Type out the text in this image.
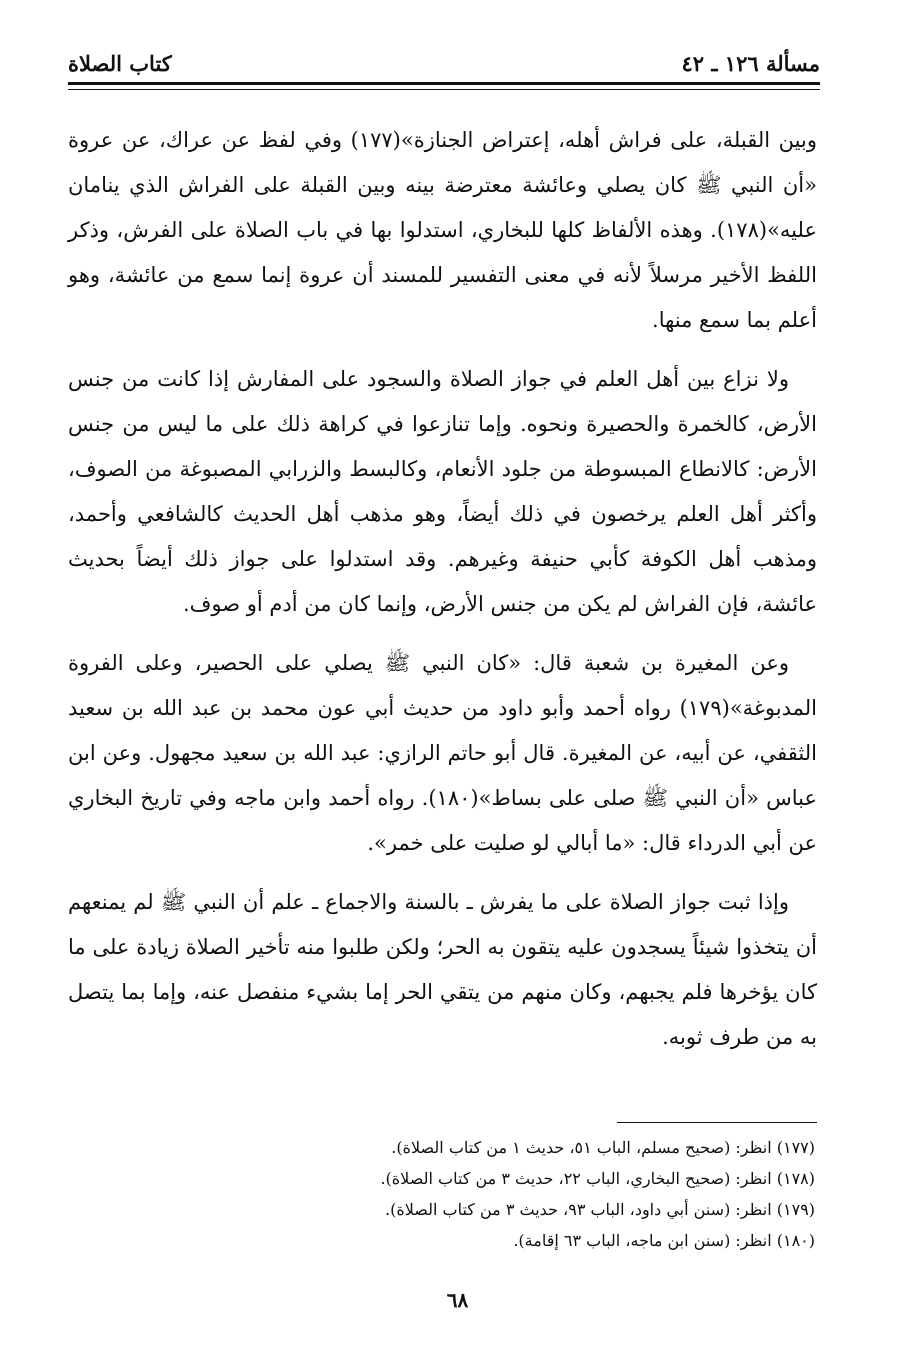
مسألة ١٢٦ ـ ٤٢
كتاب الصلاة

وبين القبلة، على فراش أهله، إعتراض الجنازة»(١٧٧) وفي لفظ عن عراك، عن عروة «أن النبي ﷺ كان يصلي وعائشة معترضة بينه وبين القبلة على الفراش الذي ينامان عليه»(١٧٨). وهذه الألفاظ كلها للبخاري، استدلوا بها في باب الصلاة على الفرش، وذكر اللفظ الأخير مرسلاً لأنه في معنى التفسير للمسند أن عروة إنما سمع من عائشة، وهو أعلم بما سمع منها.

ولا نزاع بين أهل العلم في جواز الصلاة والسجود على المفارش إذا كانت من جنس الأرض، كالخمرة والحصيرة ونحوه. وإما تنازعوا في كراهة ذلك على ما ليس من جنس الأرض: كالانطاع المبسوطة من جلود الأنعام، وكالبسط والزرابي المصبوغة من الصوف، وأكثر أهل العلم يرخصون في ذلك أيضاً، وهو مذهب أهل الحديث كالشافعي وأحمد، ومذهب أهل الكوفة كأبي حنيفة وغيرهم. وقد استدلوا على جواز ذلك أيضاً بحديث عائشة، فإن الفراش لم يكن من جنس الأرض، وإنما كان من أدم أو صوف.

وعن المغيرة بن شعبة قال: «كان النبي ﷺ يصلي على الحصير، وعلى الفروة المدبوغة»(١٧٩) رواه أحمد وأبو داود من حديث أبي عون محمد بن عبد الله بن سعيد الثقفي، عن أبيه، عن المغيرة. قال أبو حاتم الرازي: عبد الله بن سعيد مجهول. وعن ابن عباس «أن النبي ﷺ صلى على بساط»(١٨٠). رواه أحمد وابن ماجه وفي تاريخ البخاري عن أبي الدرداء قال: «ما أبالي لو صليت على خمر».

وإذا ثبت جواز الصلاة على ما يفرش ـ بالسنة والاجماع ـ علم أن النبي ﷺ لم يمنعهم أن يتخذوا شيئاً يسجدون عليه يتقون به الحر؛ ولكن طلبوا منه تأخير الصلاة زيادة على ما كان يؤخرها فلم يجبهم، وكان منهم من يتقي الحر إما بشيء منفصل عنه، وإما بما يتصل به من طرف ثوبه.

(١٧٧) انظر: (صحيح مسلم، الباب ٥١، حديث ١ من كتاب الصلاة).
(١٧٨) انظر: (صحيح البخاري، الباب ٢٢، حديث ٣ من كتاب الصلاة).
(١٧٩) انظر: (سنن أبي داود، الباب ٩٣، حديث ٣ من كتاب الصلاة).
(١٨٠) انظر: (سنن ابن ماجه، الباب ٦٣ إقامة).
٦٨
